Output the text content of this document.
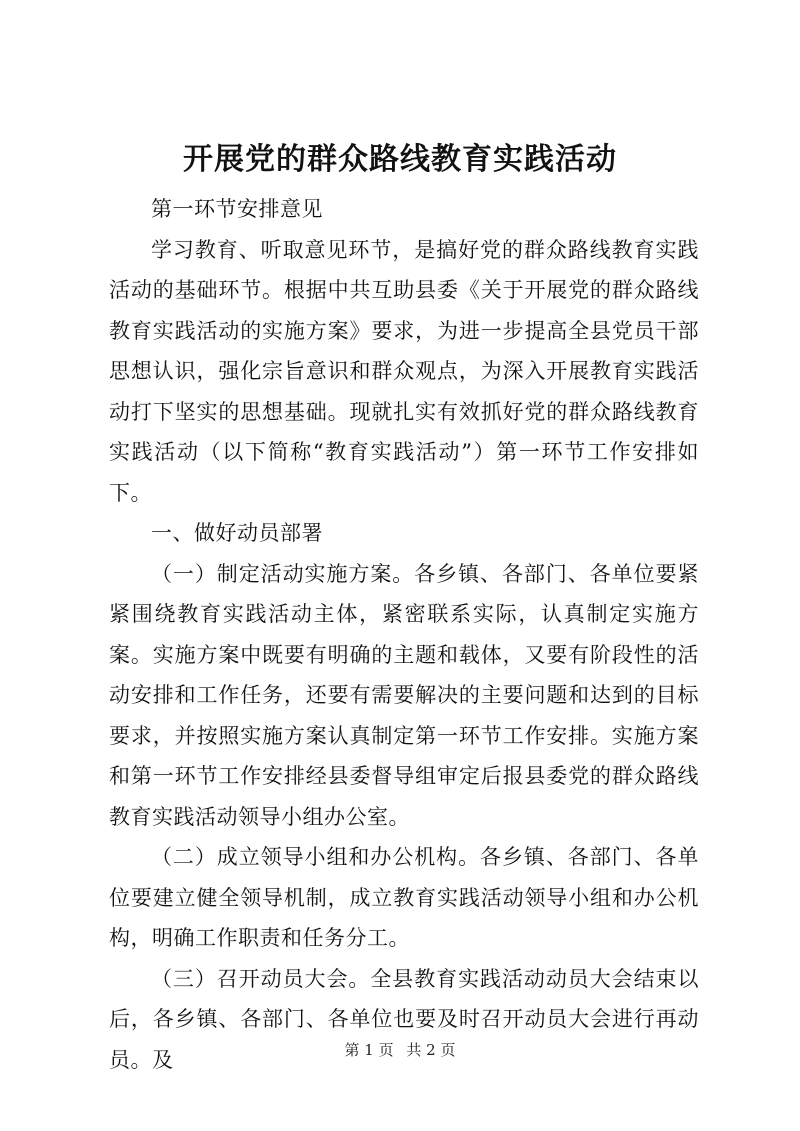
开展党的群众路线教育实践活动

第一环节安排意见

学习教育、听取意见环节，是搞好党的群众路线教育实践活动的基础环节。根据中共互助县委《关于开展党的群众路线教育实践活动的实施方案》要求，为进一步提高全县党员干部思想认识，强化宗旨意识和群众观点，为深入开展教育实践活动打下坚实的思想基础。现就扎实有效抓好党的群众路线教育实践活动（以下简称“教育实践活动”）第一环节工作安排如下。

一、做好动员部署

（一）制定活动实施方案。各乡镇、各部门、各单位要紧紧围绕教育实践活动主体，紧密联系实际，认真制定实施方案。实施方案中既要有明确的主题和载体，又要有阶段性的活动安排和工作任务，还要有需要解决的主要问题和达到的目标要求，并按照实施方案认真制定第一环节工作安排。实施方案和第一环节工作安排经县委督导组审定后报县委党的群众路线教育实践活动领导小组办公室。

（二）成立领导小组和办公机构。各乡镇、各部门、各单位要建立健全领导机制，成立教育实践活动领导小组和办公机构，明确工作职责和任务分工。

（三）召开动员大会。全县教育实践活动动员大会结束以后，各乡镇、各部门、各单位也要及时召开动员大会进行再动员。及	第 1 页 共 2 页
